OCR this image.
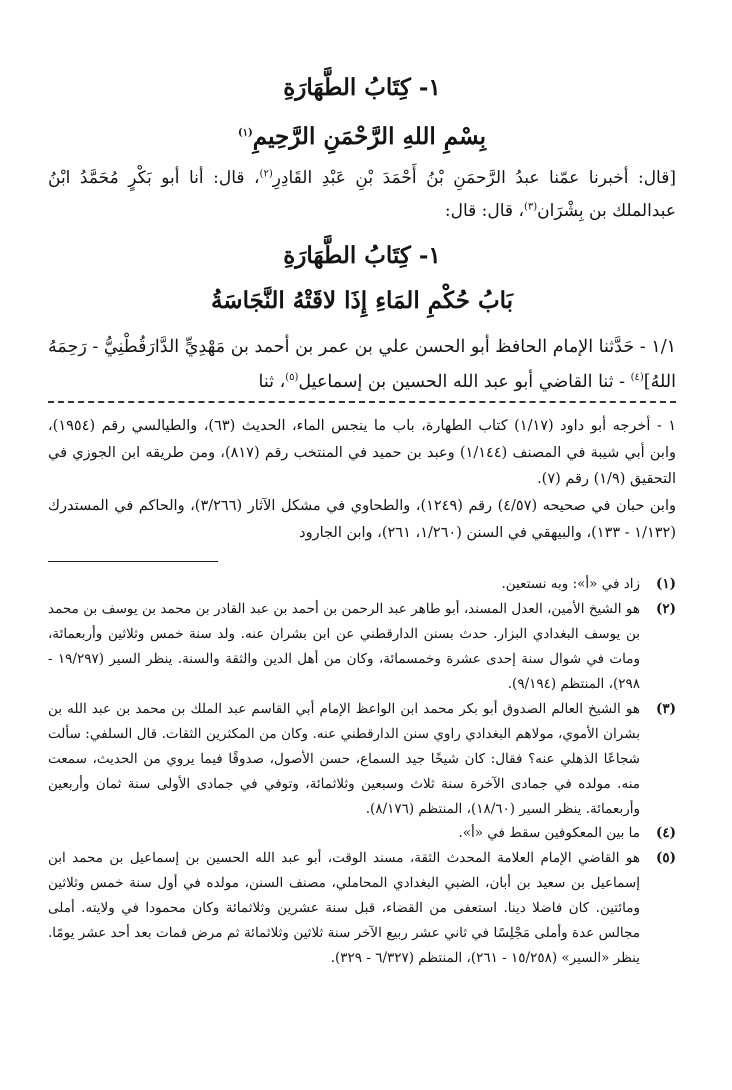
١- كِتَابُ الطَّهَارَةِ
بِسْمِ اللهِ الرَّحْمَنِ الرَّحِيمِ$^{(١)}$

[قال: أخبرنا عمّنا عبدُ الرَّحمَنِ بْنُ أَحْمَدَ بْنِ عَبْدِ القَادِرِ$^{(٢)}$، قال: أنا أبو بَكْرٍ مُحَمَّدُ ابْنُ عبدالملك بن بِشْرَان$^{(٣)}$، قال: قال:

١- كِتَابُ الطَّهَارَةِ
بَابُ حُكْمِ المَاءِ إِذَا لاقَتْهُ النَّجَاسَةُ

١/١ - حَدَّثنا الإمام الحافظ أبو الحسن علي بن عمر بن أحمد بن مَهْدِيٍّ الدَّارَقُطْنِيُّ - رَحِمَهُ اللهُ]$^{(٤)}$ - ثنا القاضي أبو عبد الله الحسين بن إسماعيل$^{(٥)}$، ثنا

١ - أخرجه أبو داود (١/١٧) كتاب الطهارة، باب ما ينجس الماء، الحديث (٦٣)، والطيالسي رقم (١٩٥٤)، وابن أبي شيبة في المصنف (١/١٤٤) وعبد بن حميد في المنتخب رقم (٨١٧)، ومن طريقه ابن الجوزي في التحقيق (١/٩) رقم (٧).

وابن حبان في صحيحه (٤/٥٧) رقم (١٢٤٩)، والطحاوي في مشكل الآثار (٣/٢٦٦)، والحاكم في المستدرك (١/١٣٢ - ١٣٣)، والبيهقي في السنن (١/٢٦٠، ٢٦١)، وابن الجارود

(١)
زاد في «أ»: وبه نستعين.
(٢)
هو الشيخ الأمين، العدل المسند، أبو طاهر عبد الرحمن بن أحمد بن عبد القادر بن محمد بن يوسف بن محمد بن يوسف البغدادي البزار. حدث بسنن الدارقطني عن ابن بشران عنه. ولد سنة خمس وثلاثين وأربعمائة، ومات في شوال سنة إحدى عشرة وخمسمائة، وكان من أهل الدين والثقة والسنة. ينظر السير (١٩/٢٩٧ - ٢٩٨)، المنتظم (٩/١٩٤).
(٣)
هو الشيخ العالم الصدوق أبو بكر محمد ابن الواعظ الإمام أبي القاسم عبد الملك بن محمد بن عبد الله بن بشران الأموي، مولاهم البغدادي راوي سنن الدارقطني عنه. وكان من المكثرين الثقات. قال السلفي: سألت شجاعًا الذهلي عنه؟ فقال: كان شيخًا جيد السماع، حسن الأصول، صدوقًا فيما يروي من الحديث، سمعت منه. مولده في جمادى الآخرة سنة ثلاث وسبعين وثلاثمائة، وتوفي في جمادى الأولى سنة ثمان وأربعين وأربعمائة. ينظر السير (١٨/٦٠)، المنتظم (٨/١٧٦).
(٤)
ما بين المعكوفين سقط في «أ».
(٥)
هو القاضي الإمام العلامة المحدث الثقة، مسند الوقت، أبو عبد الله الحسين بن إسماعيل بن محمد ابن إسماعيل بن سعيد بن أبان، الضبي البغدادي المحاملي، مصنف السنن، مولده في أول سنة خمس وثلاثين ومائتين. كان فاضلا دينا. استعفى من القضاء، قبل سنة عشرين وثلاثمائة وكان محمودا في ولايته. أملى مجالس عدة وأملى مَجْلِسًا في ثاني عشر ربيع الآخر سنة ثلاثين وثلاثمائة ثم مرض فمات بعد أحد عشر يومًا. ينظر «السير» (١٥/٢٥٨ - ٢٦١)، المنتظم (٦/٣٢٧ - ٣٢٩).
